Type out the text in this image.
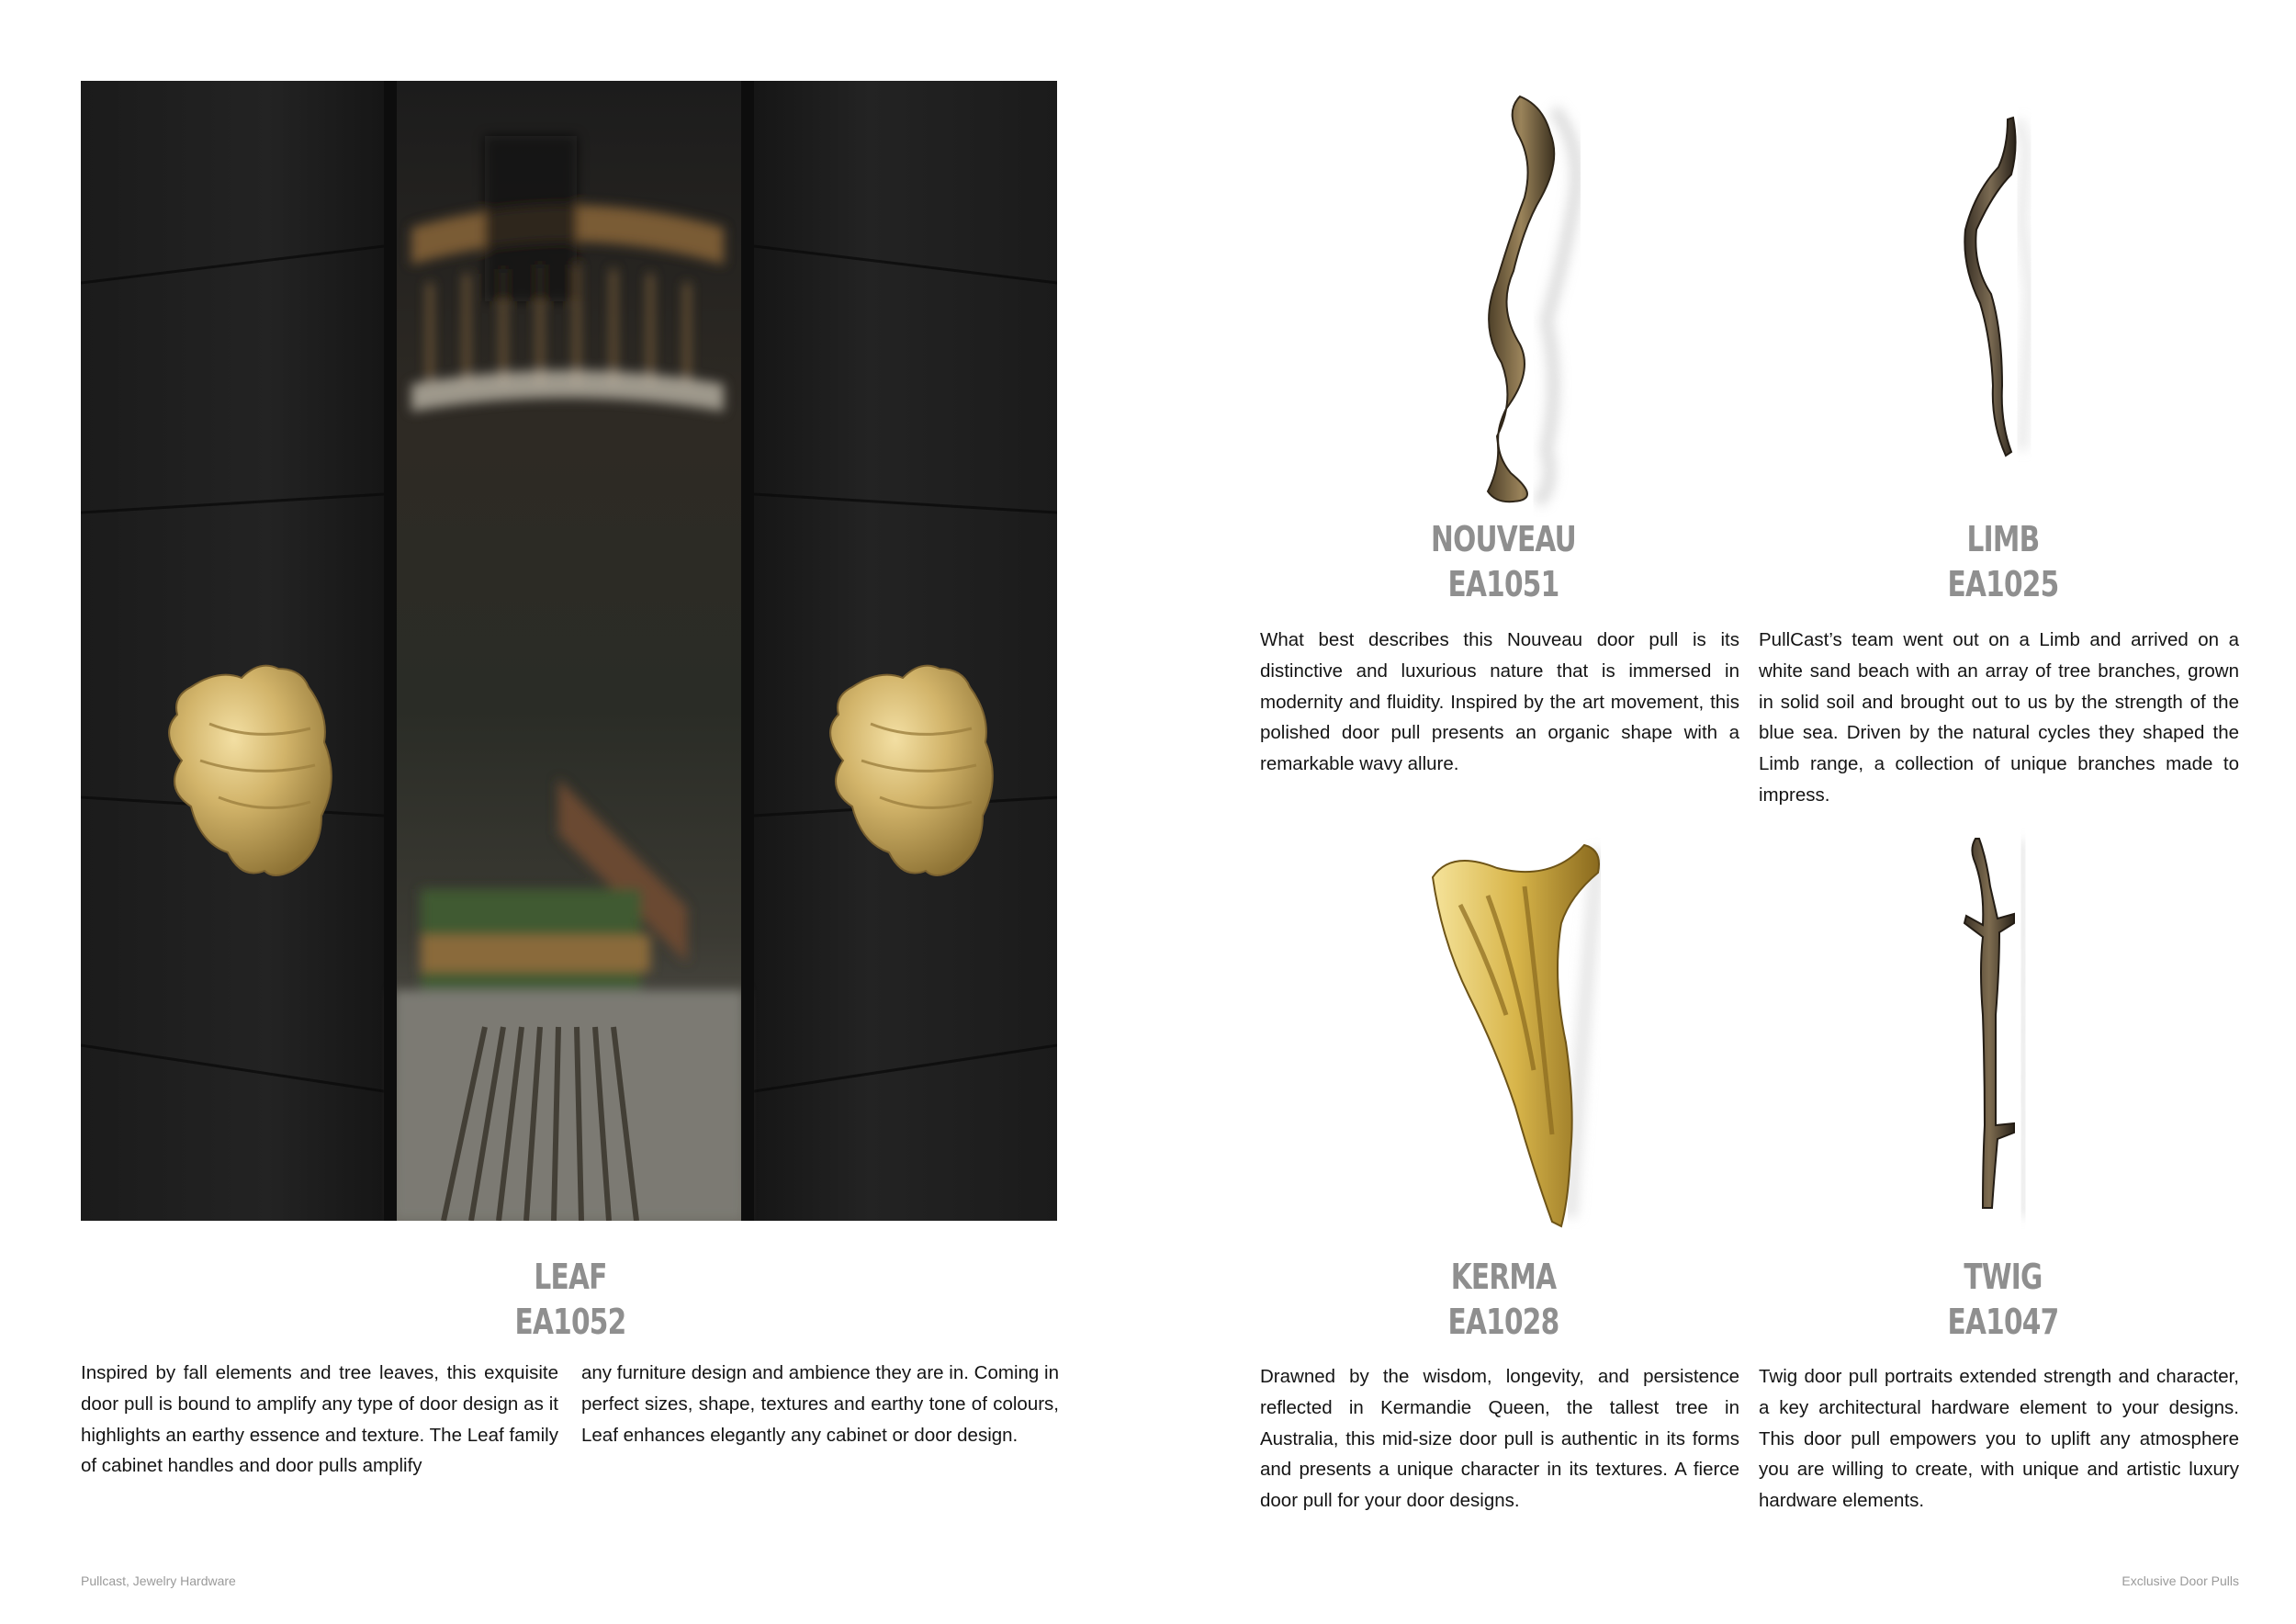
LEAF
EA1052

Inspired by fall elements and tree leaves, this exquisite door pull is bound to amplify any type of door design as it highlights an earthy essence and texture. The Leaf family of cabinet handles and door pulls amplify

any furniture design and ambience they are in. Coming in perfect sizes, shape, textures and earthy tone of colours, Leaf enhances elegantly any cabinet or door design.

NOUVEAU
EA1051

What best describes this Nouveau door pull is its distinctive and luxurious nature that is immersed in modernity and fluidity. Inspired by the art movement, this polished door pull presents an organic shape with a remarkable wavy allure.

LIMB
EA1025

PullCast’s team went out on a Limb and arrived on a white sand beach with an array of tree branches, grown in solid soil and brought out to us by the strength of the blue sea. Driven by the natural cycles they shaped the Limb range, a collection of unique branches made to impress.

KERMA
EA1028

Drawned by the wisdom, longevity, and persistence reflected in Kermandie Queen, the tallest tree in Australia, this mid-size door pull is authentic in its forms and presents a unique character in its textures. A fierce door pull for your door designs.

TWIG
EA1047

Twig door pull portraits extended strength and character, a key architectural hardware element to your designs. This door pull empowers you to uplift any atmosphere you are willing to create, with unique and artistic luxury hardware elements.

Pullcast, Jewelry Hardware	Exclusive Door Pulls
